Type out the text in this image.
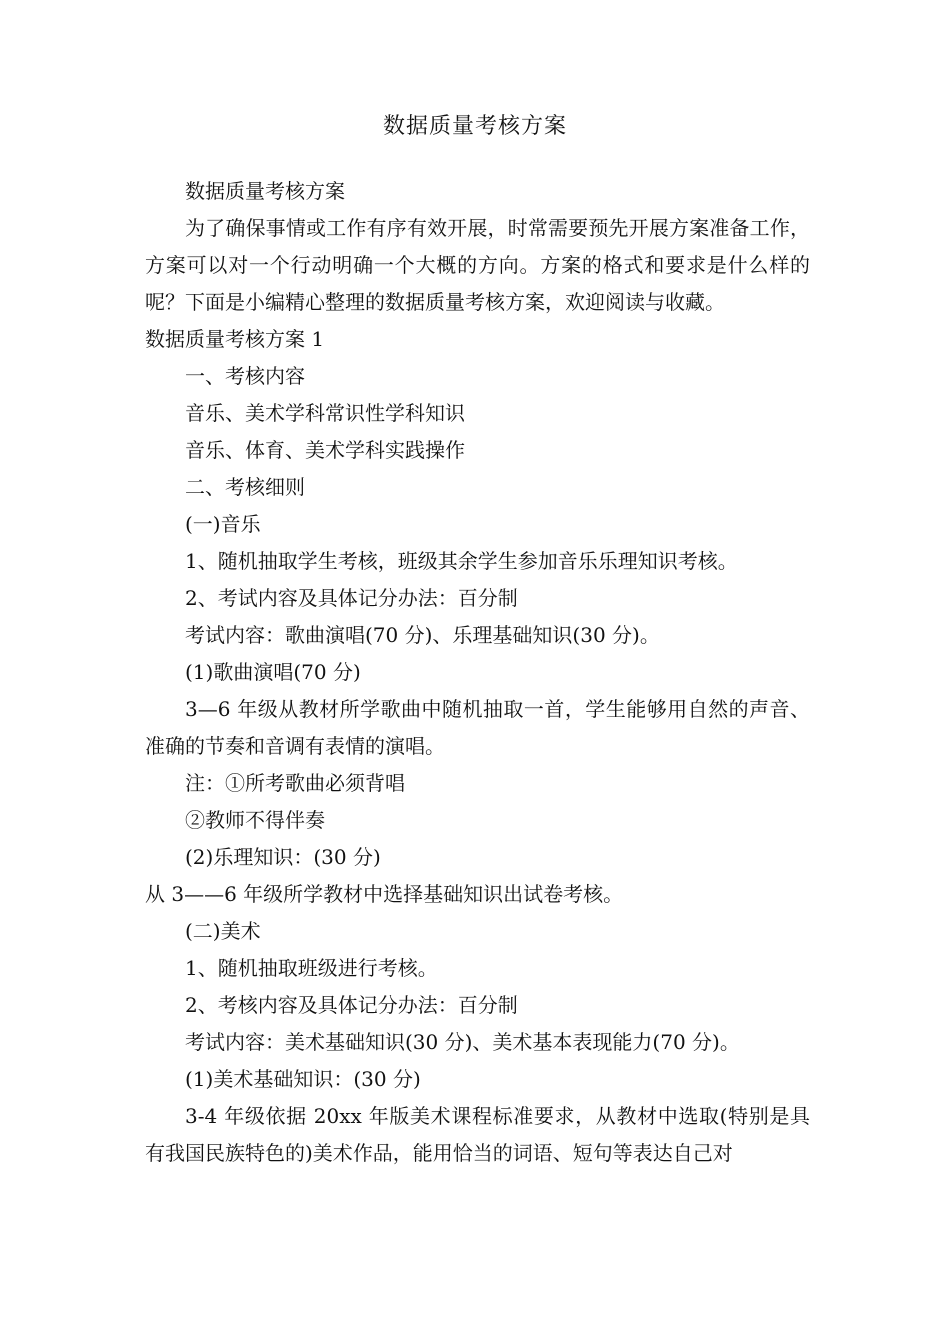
数据质量考核方案

数据质量考核方案

为了确保事情或工作有序有效开展，时常需要预先开展方案准备工作，方案可以对一个行动明确一个大概的方向。方案的格式和要求是什么样的呢？下面是小编精心整理的数据质量考核方案，欢迎阅读与收藏。

数据质量考核方案 1

一、考核内容

音乐、美术学科常识性学科知识

音乐、体育、美术学科实践操作

二、考核细则

(一)音乐

1、随机抽取学生考核，班级其余学生参加音乐乐理知识考核。

2、考试内容及具体记分办法：百分制

考试内容：歌曲演唱(70 分)、乐理基础知识(30 分)。

(1)歌曲演唱(70 分)

3—6 年级从教材所学歌曲中随机抽取一首，学生能够用自然的声音、准确的节奏和音调有表情的演唱。

注：①所考歌曲必须背唱

②教师不得伴奏

(2)乐理知识：(30 分)

从 3——6 年级所学教材中选择基础知识出试卷考核。

(二)美术

1、随机抽取班级进行考核。

2、考核内容及具体记分办法：百分制

考试内容：美术基础知识(30 分)、美术基本表现能力(70 分)。

(1)美术基础知识：(30 分)

3-4 年级依据 20xx 年版美术课程标准要求，从教材中选取(特别是具有我国民族特色的)美术作品，能用恰当的词语、短句等表达自己对
